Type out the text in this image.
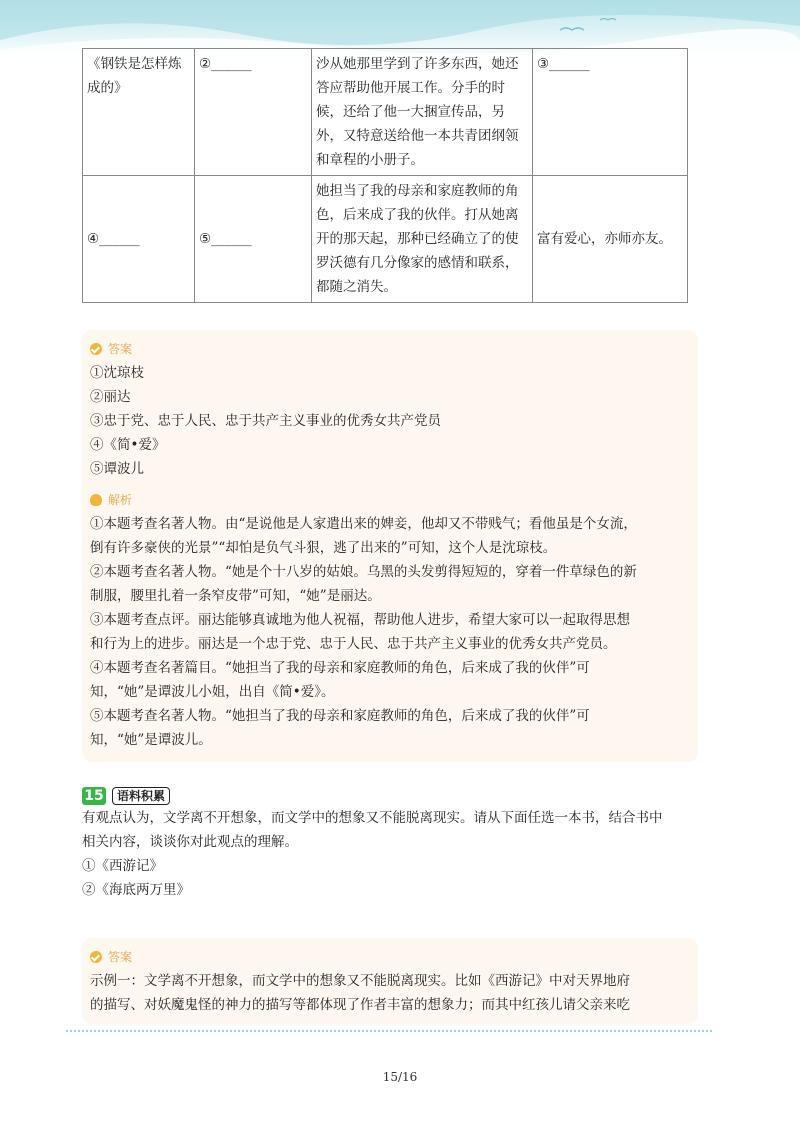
《钢铁是怎样炼成的》	②______	沙从她那里学到了许多东西，她还答应帮助他开展工作。分手的时候，还给了他一大捆宣传品，另外，又特意送给他一本共青团纲领和章程的小册子。	③______
④______	⑤______	她担当了我的母亲和家庭教师的角色，后来成了我的伙伴。打从她离开的那天起，那种已经确立了的使罗沃德有几分像家的感情和联系，都随之消失。	富有爱心，亦师亦友。
答案
①沈琼枝
②丽达
③忠于党、忠于人民、忠于共产主义事业的优秀女共产党员
④《简•爱》
⑤谭波儿
解析
①本题考查名著人物。由“是说他是人家遣出来的婢妾，他却又不带贱气；看他虽是个女流，
倒有许多豪侠的光景”“却怕是负气斗狠，逃了出来的”可知，这个人是沈琼枝。
②本题考查名著人物。“她是个十八岁的姑娘。乌黑的头发剪得短短的，穿着一件草绿色的新
制服，腰里扎着一条窄皮带”可知，“她”是丽达。
③本题考查点评。丽达能够真诚地为他人祝福，帮助他人进步，希望大家可以一起取得思想
和行为上的进步。丽达是一个忠于党、忠于人民、忠于共产主义事业的优秀女共产党员。
④本题考查名著篇目。“她担当了我的母亲和家庭教师的角色，后来成了我的伙伴”可
知，“她”是谭波儿小姐，出自《简•爱》。
⑤本题考查名著人物。“她担当了我的母亲和家庭教师的角色，后来成了我的伙伴”可
知，“她”是谭波儿。
15	语料积累
有观点认为，文学离不开想象，而文学中的想象又不能脱离现实。请从下面任选一本书，结合书中
相关内容，谈谈你对此观点的理解。
①《西游记》
②《海底两万里》
答案
示例一：文学离不开想象，而文学中的想象又不能脱离现实。比如《西游记》中对天界地府
的描写、对妖魔鬼怪的神力的描写等都体现了作者丰富的想象力；而其中红孩儿请父亲来吃
15/16
